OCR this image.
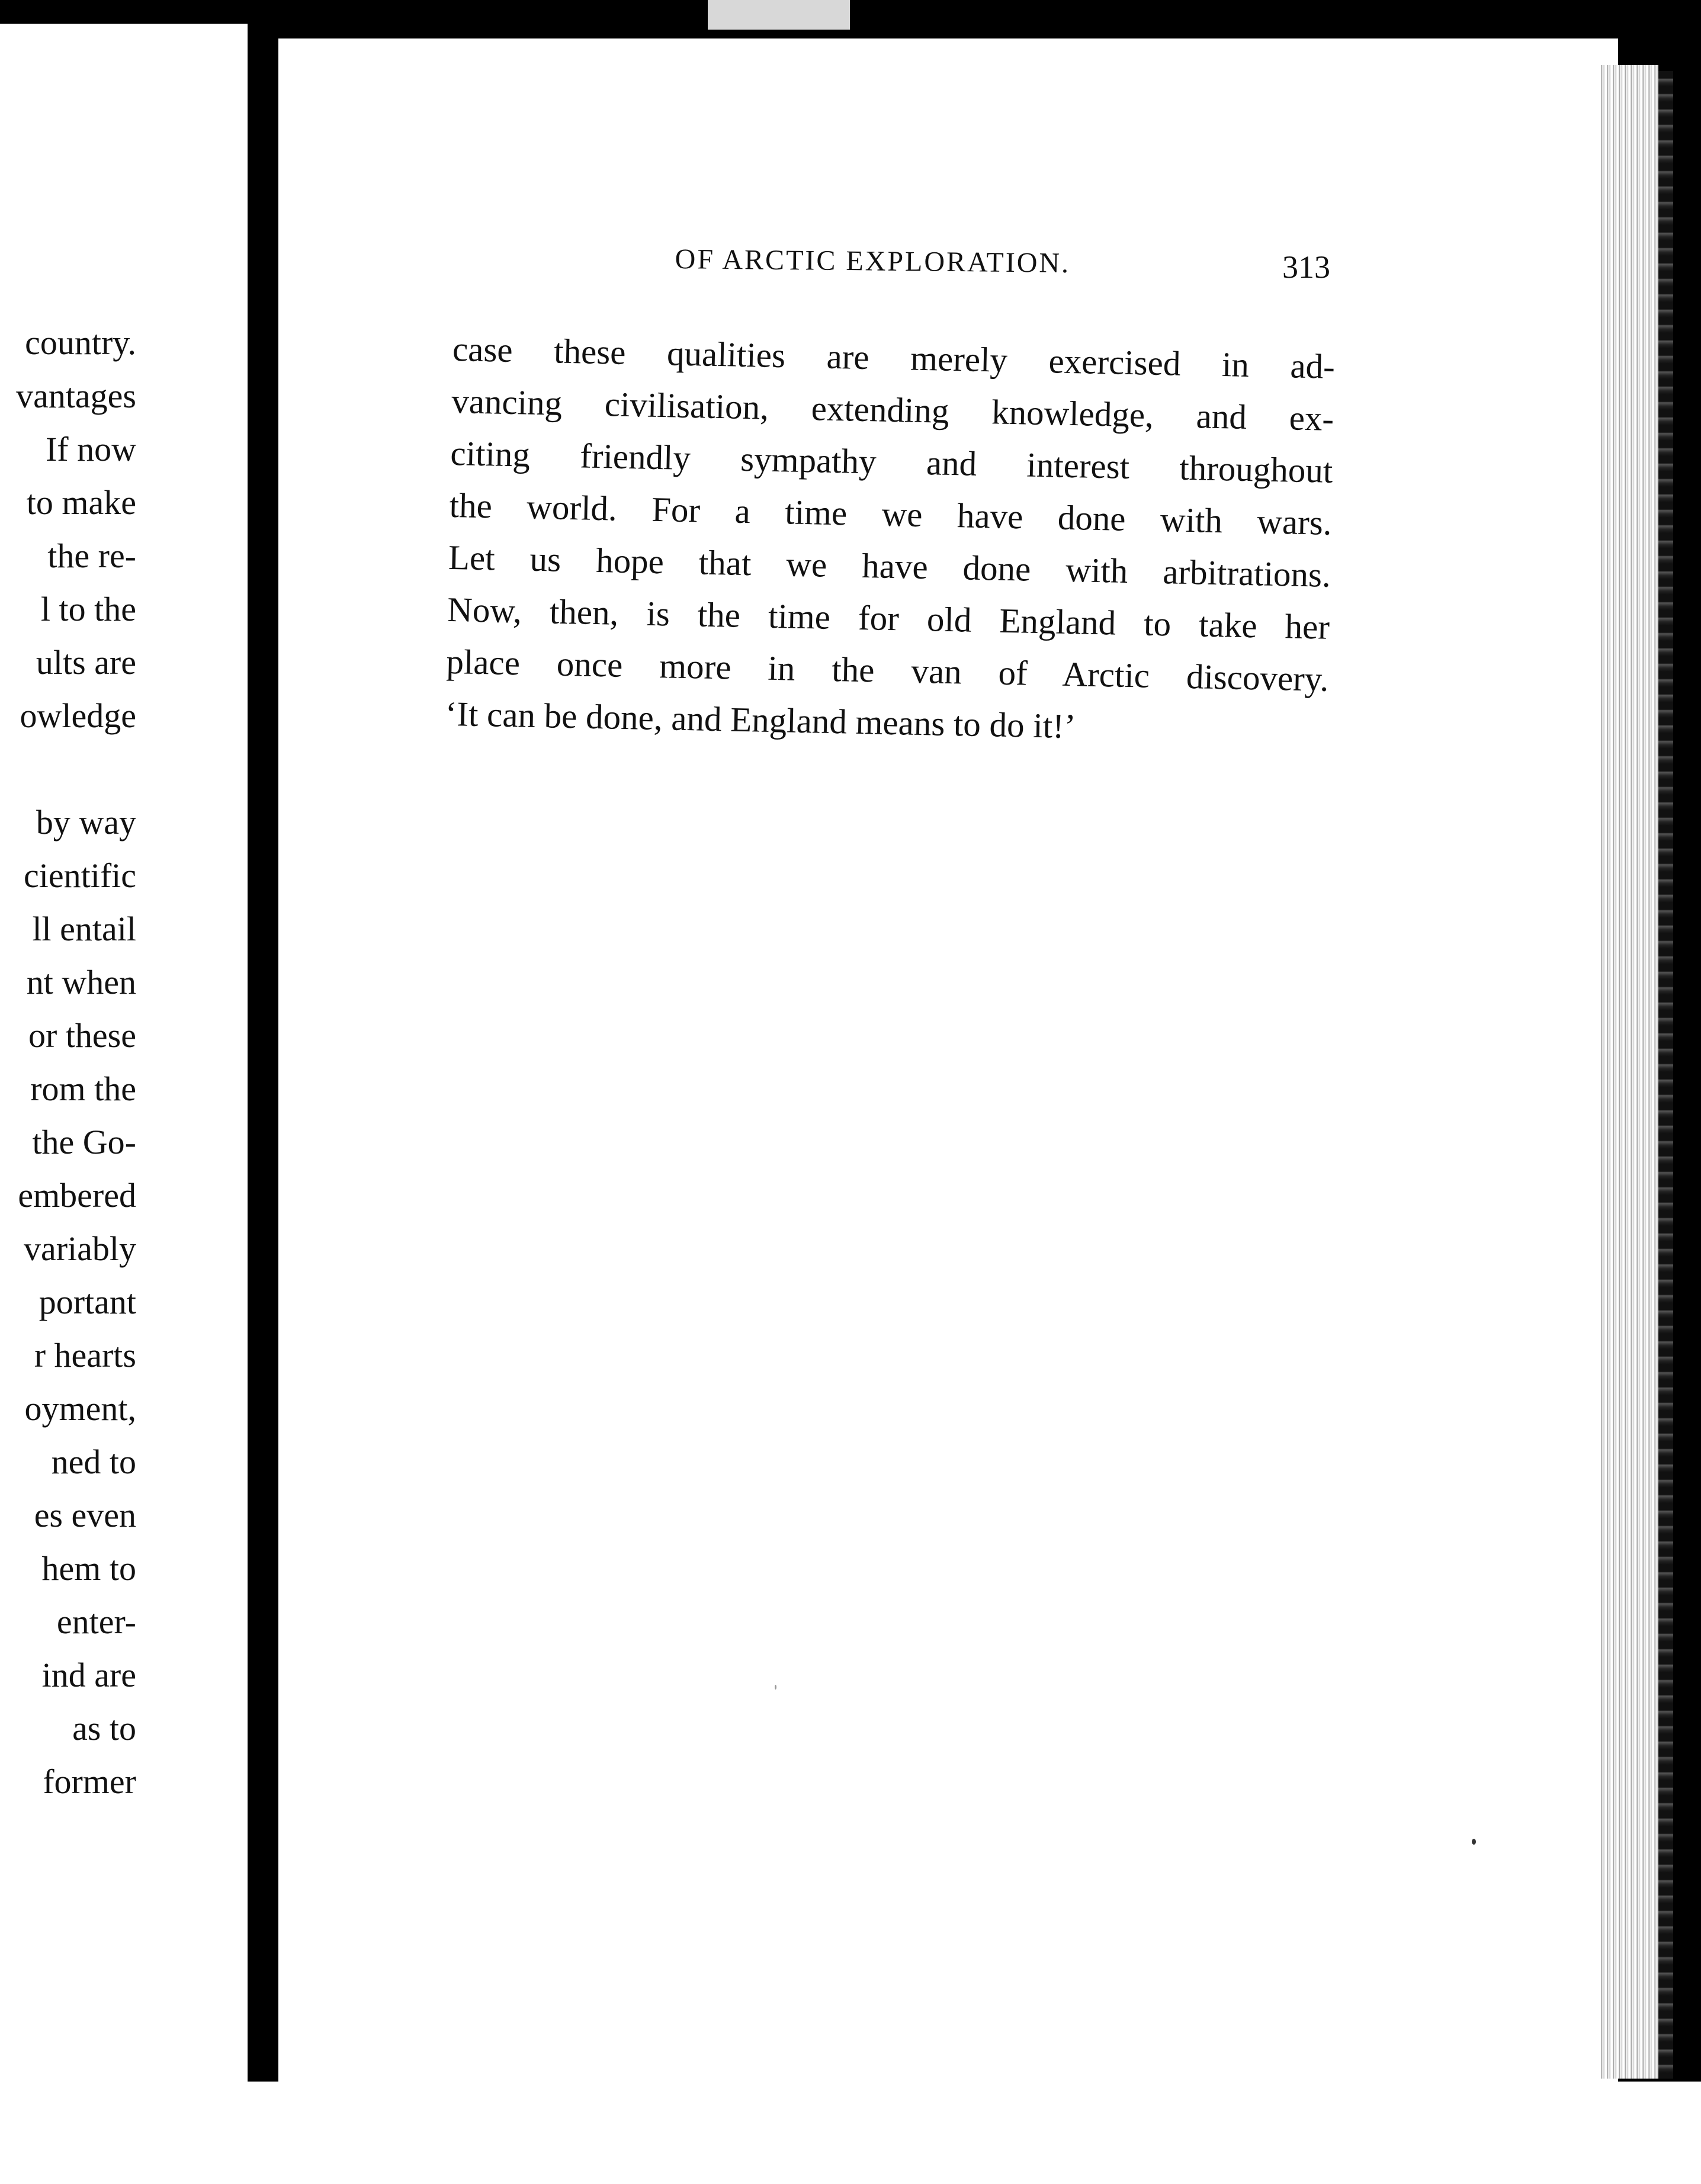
country.
vantages
If now
to make
the re-
l to the
ults are
owledge
by way
cientific
ll entail
nt when
or these
rom the
the Go-
embered
variably
portant
r hearts
oyment,
ned to
es even
hem to
enter-
ind are
as to
former
OF ARCTIC EXPLORATION.	313
case these qualities are merely exercised in ad-
vancing civilisation, extending knowledge, and ex-
citing friendly sympathy and interest throughout
the world. For a time we have done with wars.
Let us hope that we have done with arbitrations.
Now, then, is the time for old England to take her
place once more in the van of Arctic discovery.
‘It can be done, and England means to do it!’
